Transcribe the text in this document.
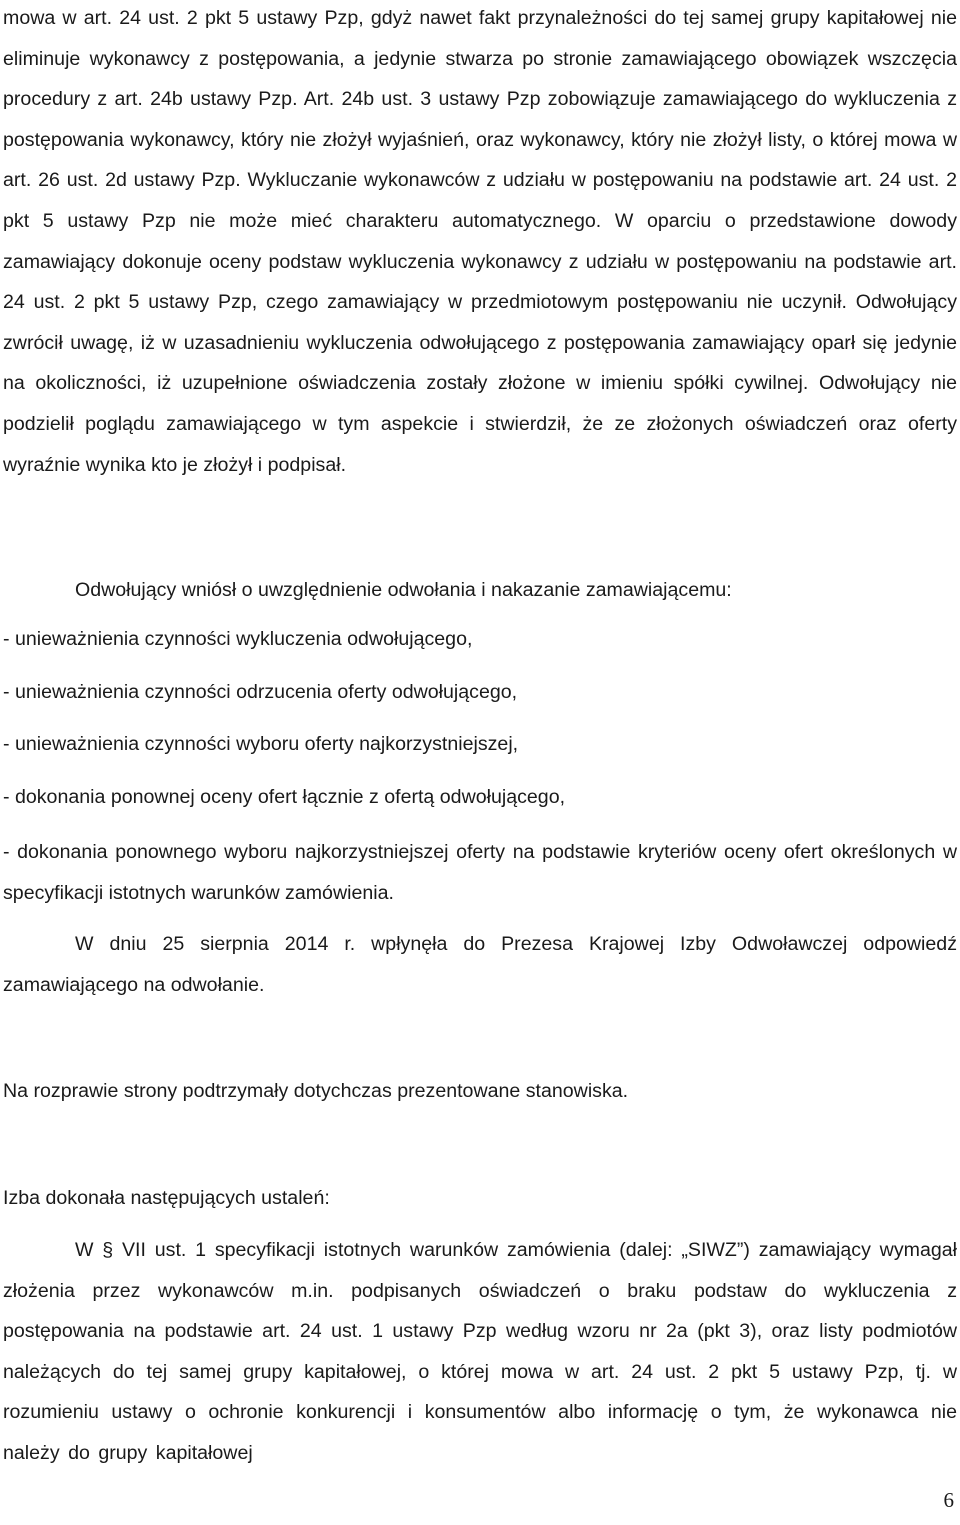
mowa w art. 24 ust. 2 pkt 5 ustawy Pzp, gdyż nawet fakt przynależności do tej samej grupy kapitałowej nie eliminuje wykonawcy z postępowania, a jedynie stwarza po stronie zamawiającego obowiązek wszczęcia procedury z art. 24b ustawy Pzp. Art. 24b ust. 3 ustawy Pzp zobowiązuje zamawiającego do wykluczenia z postępowania wykonawcy, który nie złożył wyjaśnień, oraz wykonawcy, który nie złożył listy, o której mowa w art. 26 ust. 2d ustawy Pzp. Wykluczanie wykonawców z udziału w postępowaniu na podstawie art. 24 ust. 2 pkt 5 ustawy Pzp nie może mieć charakteru automatycznego. W oparciu o przedstawione dowody zamawiający dokonuje oceny podstaw wykluczenia wykonawcy z udziału w postępowaniu na podstawie art. 24 ust. 2 pkt 5 ustawy Pzp, czego zamawiający w przedmiotowym postępowaniu nie uczynił. Odwołujący zwrócił uwagę, iż w uzasadnieniu wykluczenia odwołującego z postępowania zamawiający oparł się jedynie na okoliczności, iż uzupełnione oświadczenia zostały złożone w imieniu spółki cywilnej. Odwołujący nie podzielił poglądu zamawiającego w tym aspekcie i stwierdził, że ze złożonych oświadczeń oraz oferty wyraźnie wynika kto je złożył i podpisał.

Odwołujący wniósł o uwzględnienie odwołania i nakazanie zamawiającemu:

- unieważnienia czynności wykluczenia odwołującego,

- unieważnienia czynności odrzucenia oferty odwołującego,

- unieważnienia czynności wyboru oferty najkorzystniejszej,

- dokonania ponownej oceny ofert łącznie z ofertą odwołującego,

- dokonania ponownego wyboru najkorzystniejszej oferty na podstawie kryteriów oceny ofert określonych w specyfikacji istotnych warunków zamówienia.

W dniu 25 sierpnia 2014 r. wpłynęła do Prezesa Krajowej Izby Odwoławczej odpowiedź zamawiającego na odwołanie.

Na rozprawie strony podtrzymały dotychczas prezentowane stanowiska.

Izba dokonała następujących ustaleń:

W § VII ust. 1 specyfikacji istotnych warunków zamówienia (dalej: „SIWZ”) zamawiający wymagał złożenia przez wykonawców m.in. podpisanych oświadczeń o braku podstaw do wykluczenia z postępowania na podstawie art. 24 ust. 1 ustawy Pzp według wzoru nr 2a (pkt 3), oraz listy podmiotów należących do tej samej grupy kapitałowej, o której mowa w art. 24 ust. 2 pkt 5 ustawy Pzp, tj. w rozumieniu ustawy o ochronie konkurencji i konsumentów albo informację o tym, że wykonawca nie należy do grupy kapitałowej

6
